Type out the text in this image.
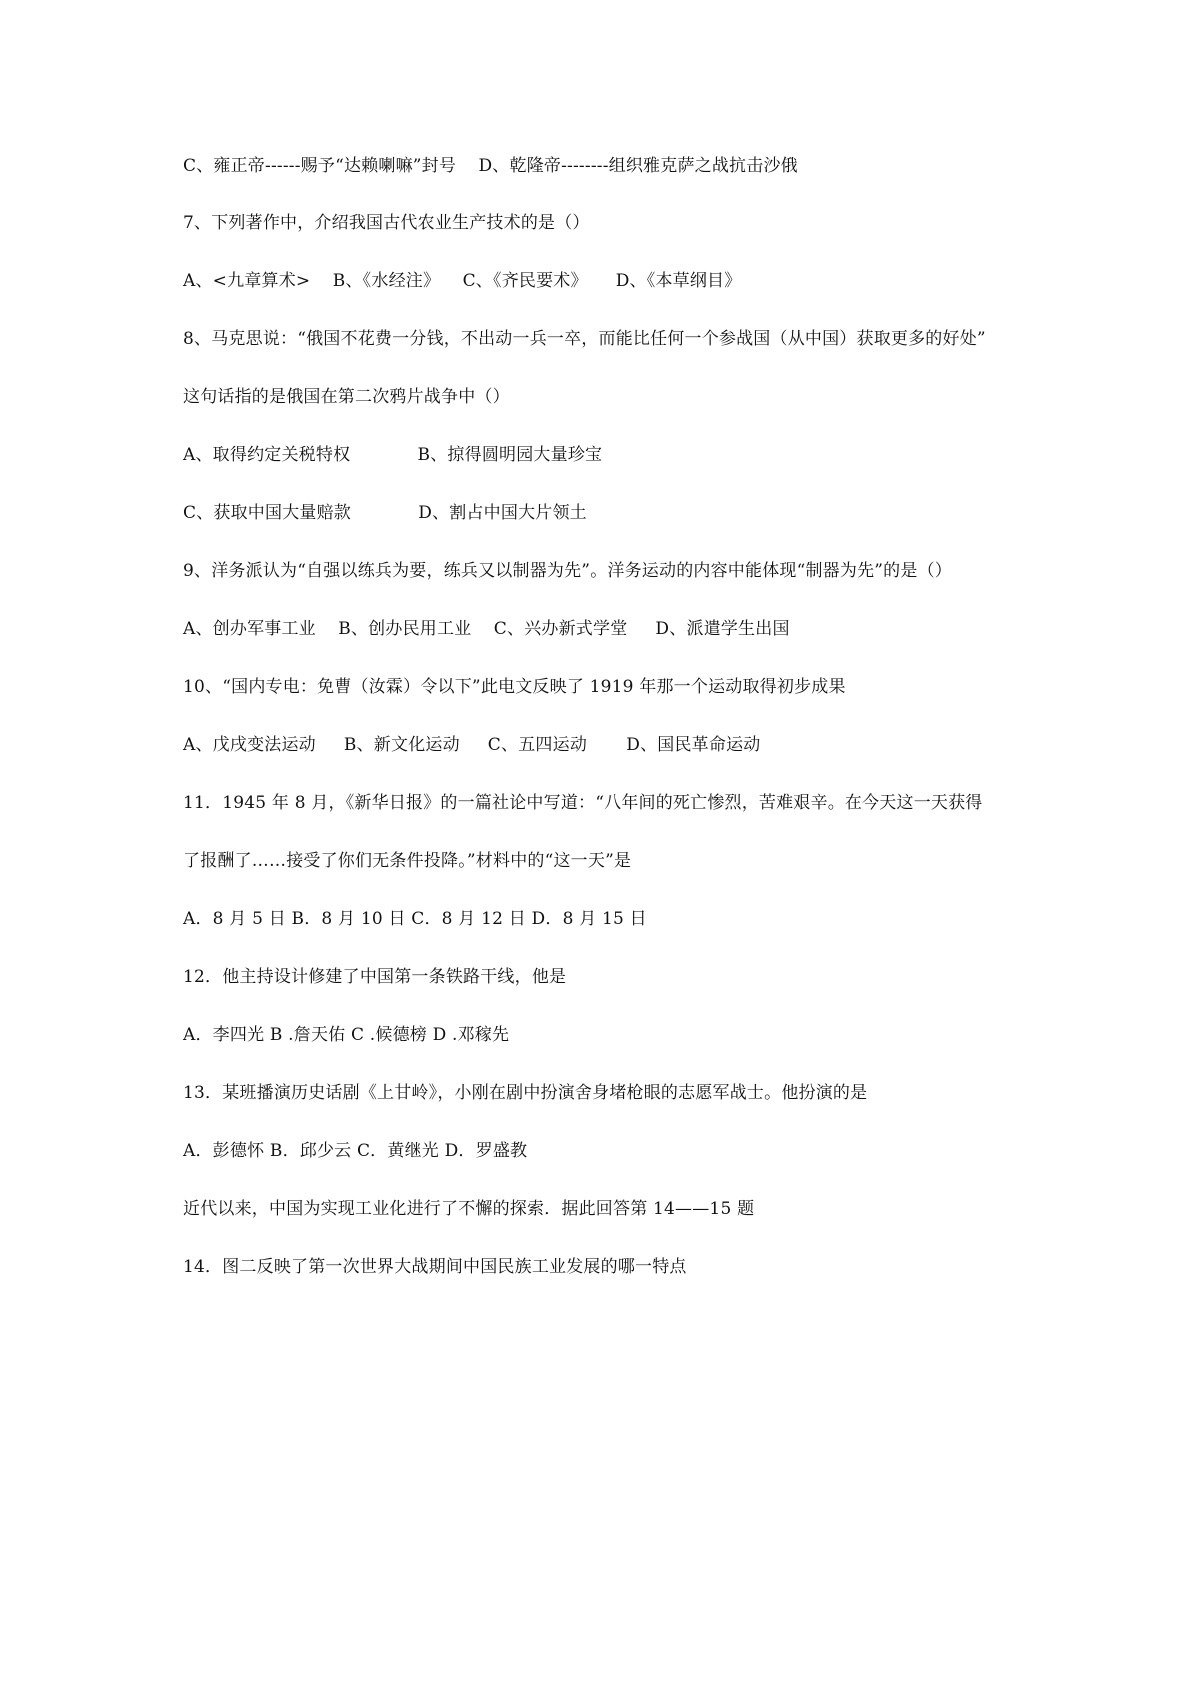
C、雍正帝------赐予“达赖喇嘛”封号    D、乾隆帝--------组织雅克萨之战抗击沙俄
7、下列著作中，介绍我国古代农业生产技术的是（）
A、<九章算术>    B、《水经注》    C、《齐民要术》     D、《本草纲目》
8、马克思说：“俄国不花费一分钱，不出动一兵一卒，而能比任何一个参战国（从中国）获取更多的好处”
这句话指的是俄国在第二次鸦片战争中（）
A、取得约定关税特权            B、掠得圆明园大量珍宝
C、获取中国大量赔款            D、割占中国大片领土
9、洋务派认为“自强以练兵为要，练兵又以制器为先”。洋务运动的内容中能体现“制器为先”的是（）
A、创办军事工业    B、创办民用工业    C、兴办新式学堂     D、派遣学生出国
10、“国内专电：免曹（汝霖）令以下”此电文反映了 1919 年那一个运动取得初步成果
A、戊戌变法运动     B、新文化运动     C、五四运动       D、国民革命运动
11．1945 年 8 月，《新华日报》的一篇社论中写道：“八年间的死亡惨烈，苦难艰辛。在今天这一天获得
了报酬了……接受了你们无条件投降。”材料中的“这一天”是
A．8 月 5 日 B．8 月 10 日 C．8 月 12 日 D．8 月 15 日
12．他主持设计修建了中国第一条铁路干线，他是
A．李四光 B .詹天佑 C .候德榜 D .邓稼先
13．某班播演历史话剧《上甘岭》，小刚在剧中扮演舍身堵枪眼的志愿军战士。他扮演的是
A．彭德怀 B．邱少云 C．黄继光 D．罗盛教
近代以来，中国为实现工业化进行了不懈的探索．据此回答第 14——15 题
14．图二反映了第一次世界大战期间中国民族工业发展的哪一特点
